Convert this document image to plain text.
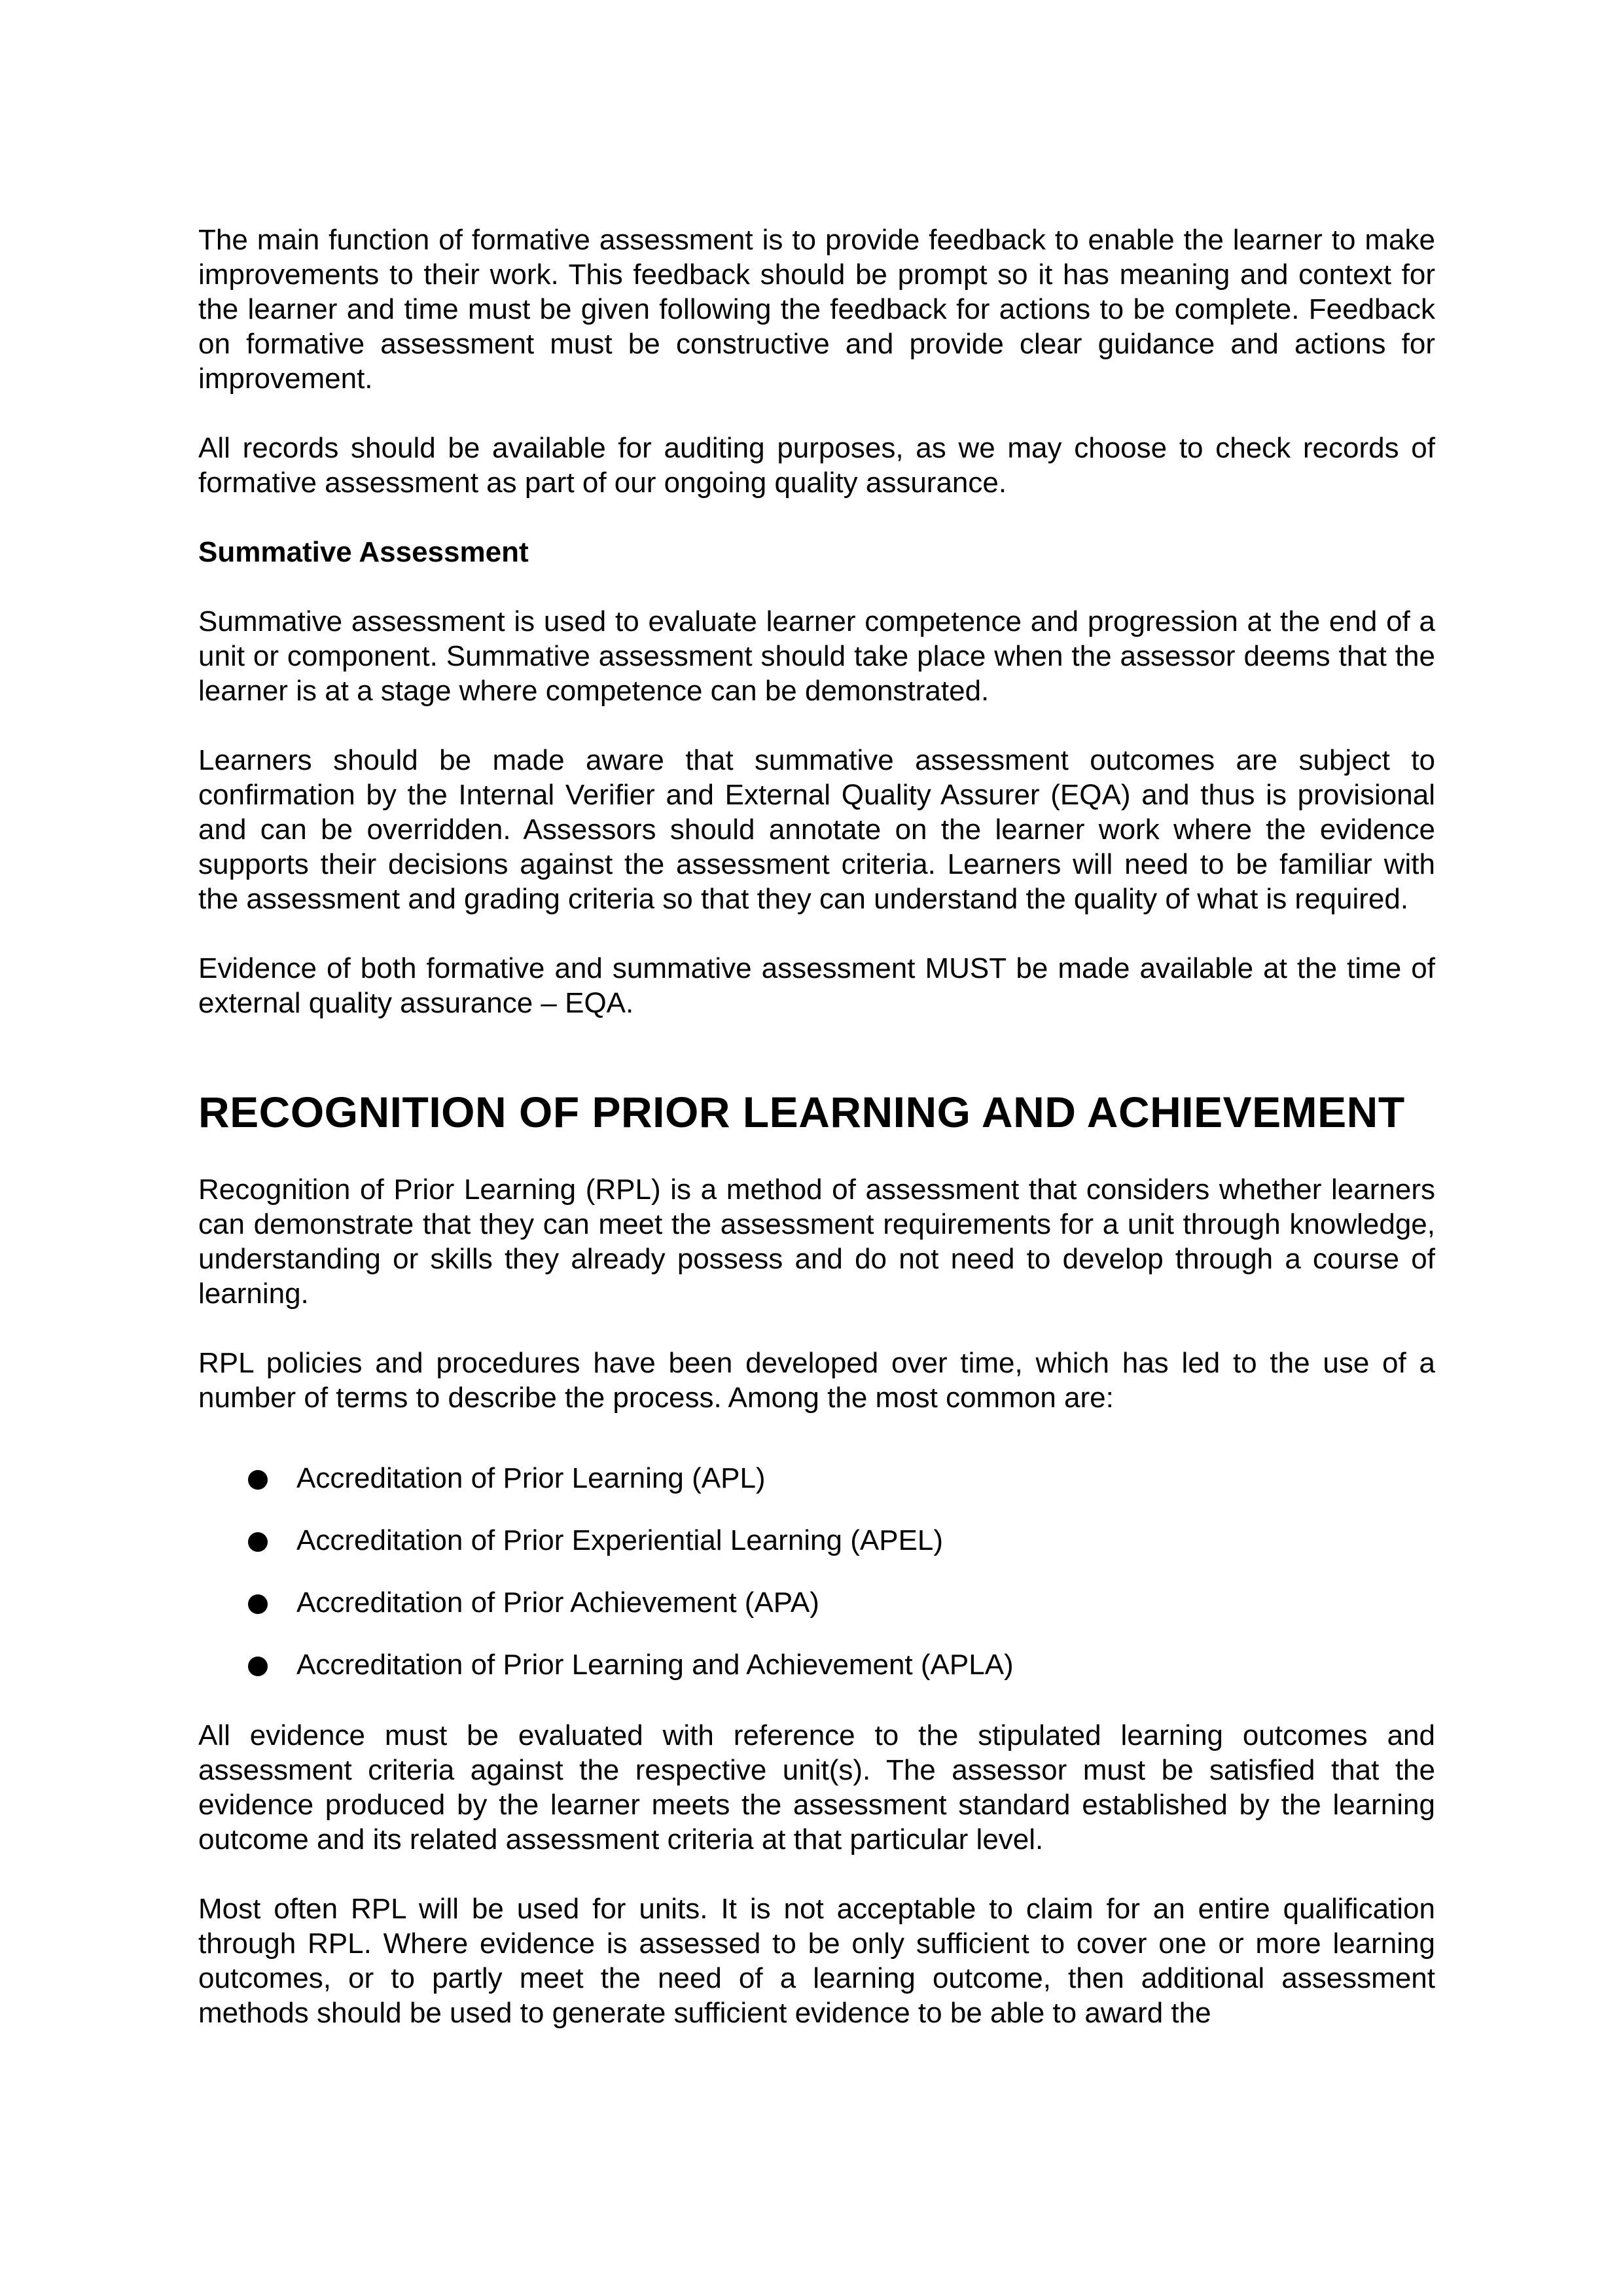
The main function of formative assessment is to provide feedback to enable the learner to make improvements to their work. This feedback should be prompt so it has meaning and context for the learner and time must be given following the feedback for actions to be complete. Feedback on formative assessment must be constructive and provide clear guidance and actions for improvement.

All records should be available for auditing purposes, as we may choose to check records of formative assessment as part of our ongoing quality assurance.

Summative Assessment

Summative assessment is used to evaluate learner competence and progression at the end of a unit or component. Summative assessment should take place when the assessor deems that the learner is at a stage where competence can be demonstrated.

Learners should be made aware that summative assessment outcomes are subject to confirmation by the Internal Verifier and External Quality Assurer (EQA) and thus is provisional and can be overridden. Assessors should annotate on the learner work where the evidence supports their decisions against the assessment criteria. Learners will need to be familiar with the assessment and grading criteria so that they can understand the quality of what is required.

Evidence of both formative and summative assessment MUST be made available at the time of external quality assurance – EQA.

RECOGNITION OF PRIOR LEARNING AND ACHIEVEMENT

Recognition of Prior Learning (RPL) is a method of assessment that considers whether learners can demonstrate that they can meet the assessment requirements for a unit through knowledge, understanding or skills they already possess and do not need to develop through a course of learning.

RPL policies and procedures have been developed over time, which has led to the use of a number of terms to describe the process. Among the most common are:

Accreditation of Prior Learning (APL)
Accreditation of Prior Experiential Learning (APEL)
Accreditation of Prior Achievement (APA)
Accreditation of Prior Learning and Achievement (APLA)

All evidence must be evaluated with reference to the stipulated learning outcomes and assessment criteria against the respective unit(s). The assessor must be satisfied that the evidence produced by the learner meets the assessment standard established by the learning outcome and its related assessment criteria at that particular level.

Most often RPL will be used for units. It is not acceptable to claim for an entire qualification through RPL. Where evidence is assessed to be only sufficient to cover one or more learning outcomes, or to partly meet the need of a learning outcome, then additional assessment methods should be used to generate sufficient evidence to be able to award the
